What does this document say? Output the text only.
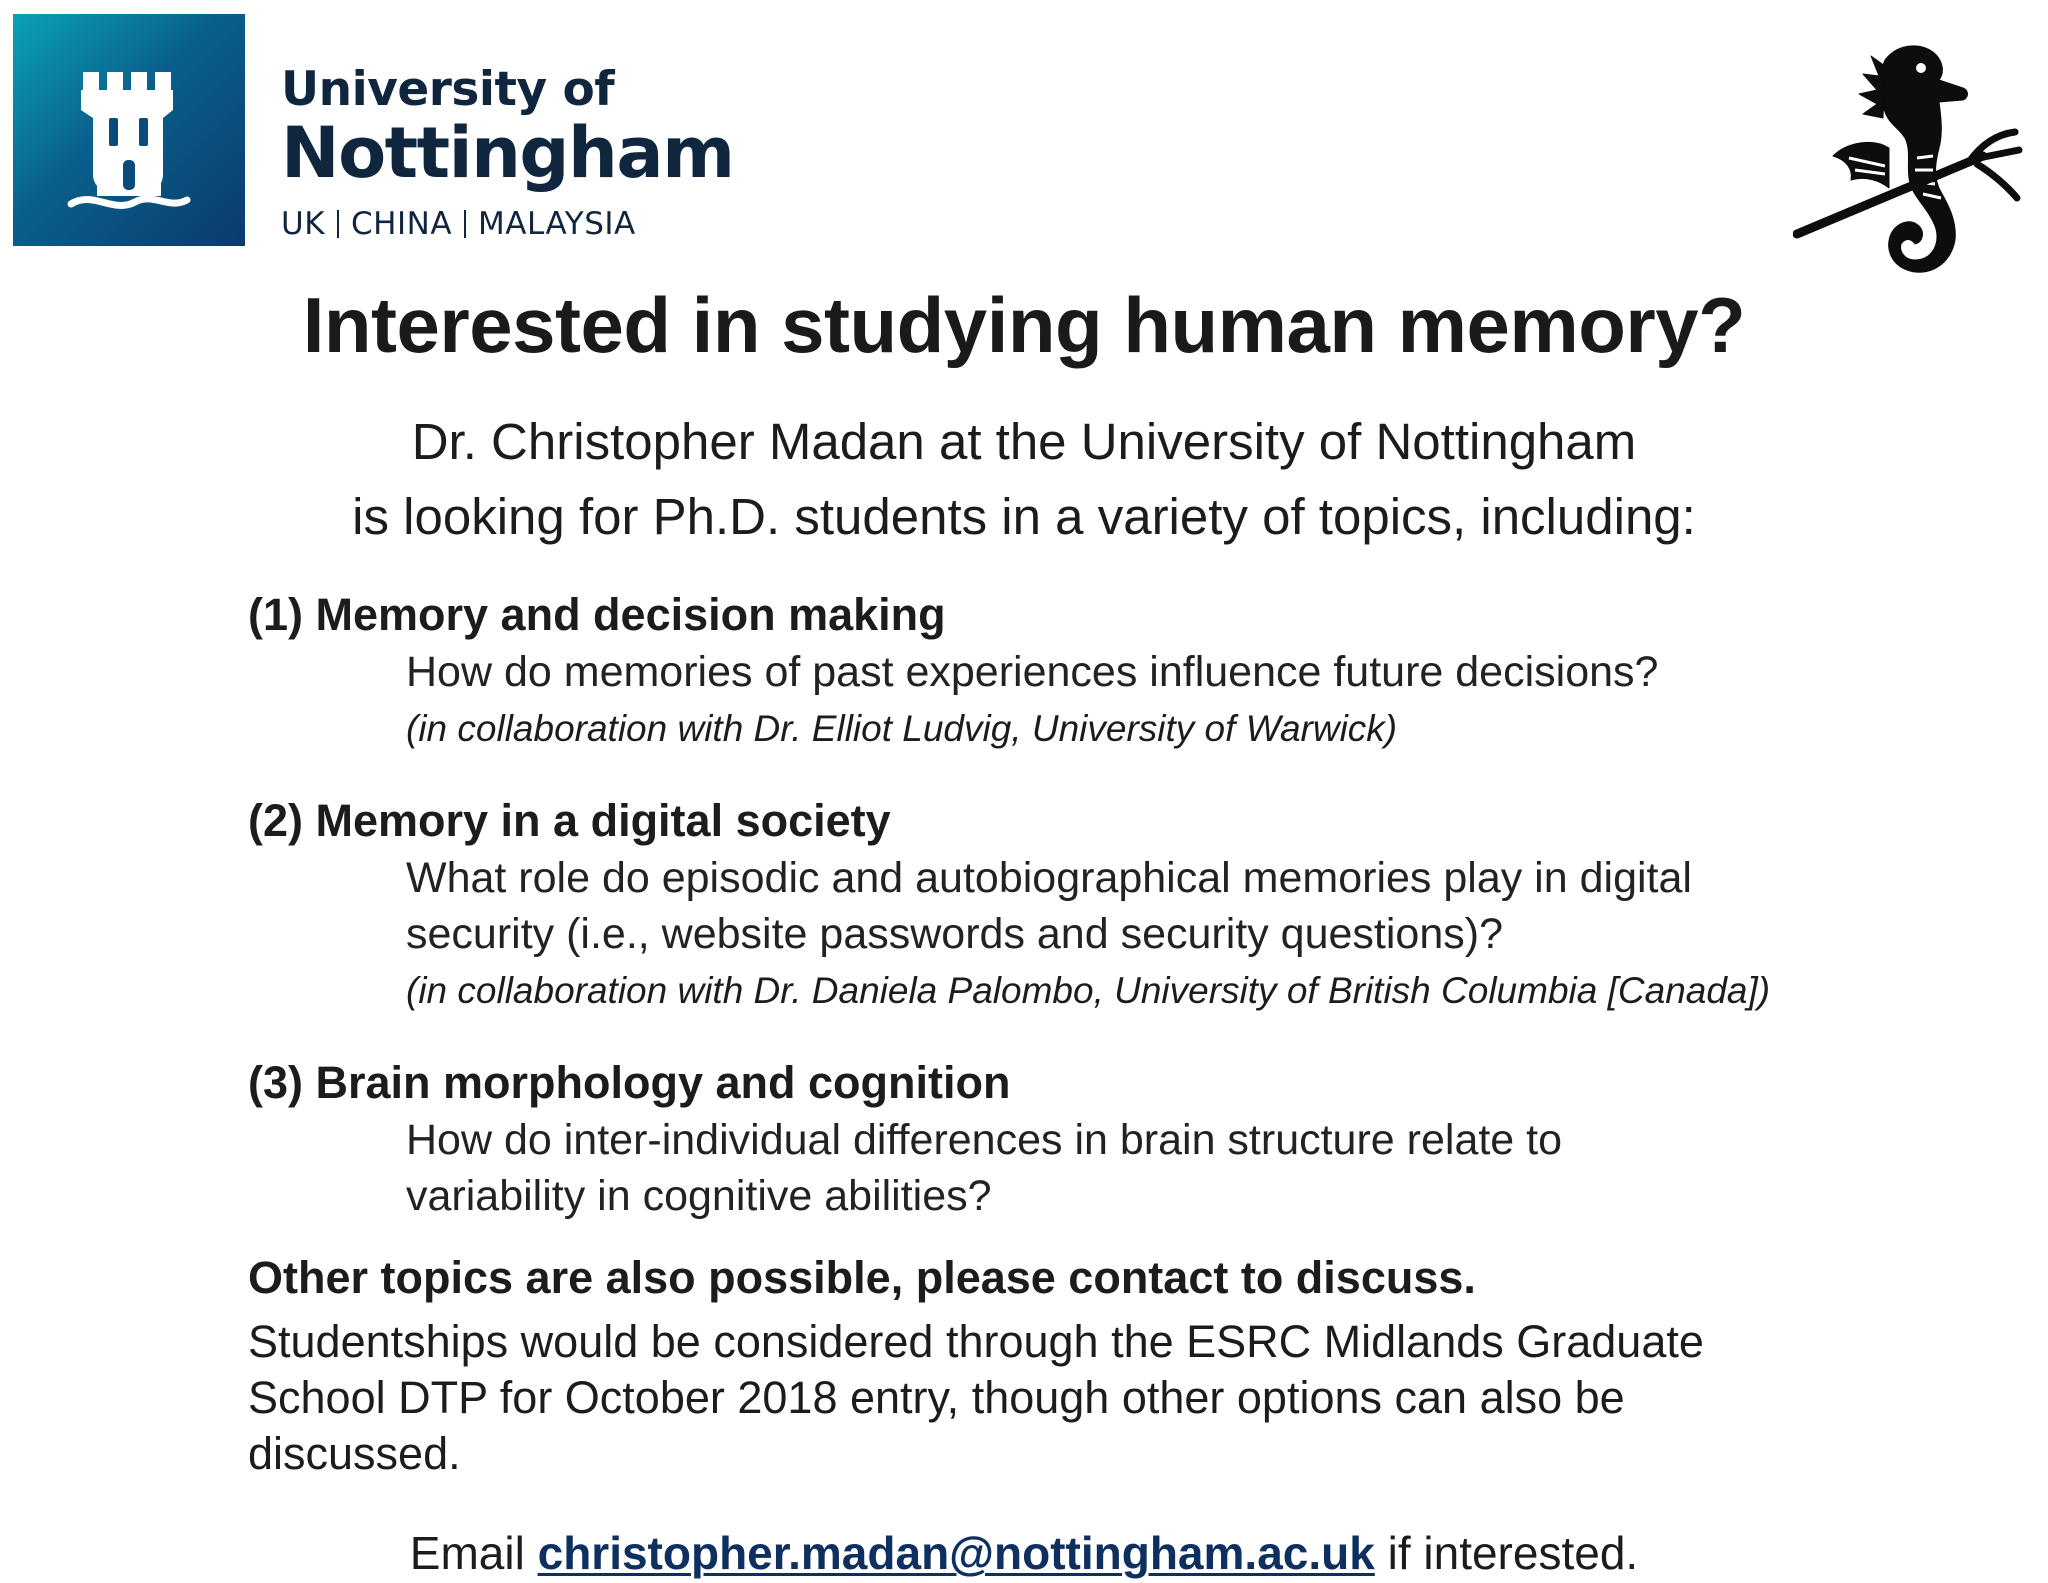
University of
Nottingham
UK CHINA MALAYSIA
Interested in studying human memory?

Dr. Christopher Madan at the University of Nottingham

is looking for Ph.D. students in a variety of topics, including:

(1) Memory and decision making

How do memories of past experiences influence future decisions?

(in collaboration with Dr. Elliot Ludvig, University of Warwick)

(2) Memory in a digital society

What role do episodic and autobiographical memories play in digital security (i.e., website passwords and security questions)?

(in collaboration with Dr. Daniela Palombo, University of British Columbia [Canada])

(3) Brain morphology and cognition

How do inter-individual differences in brain structure relate to variability in cognitive abilities?

Other topics are also possible, please contact to discuss.

Studentships would be considered through the ESRC Midlands Graduate School DTP for October 2018 entry, though other options can also be discussed.

Email christopher.madan@nottingham.ac.uk if interested.
